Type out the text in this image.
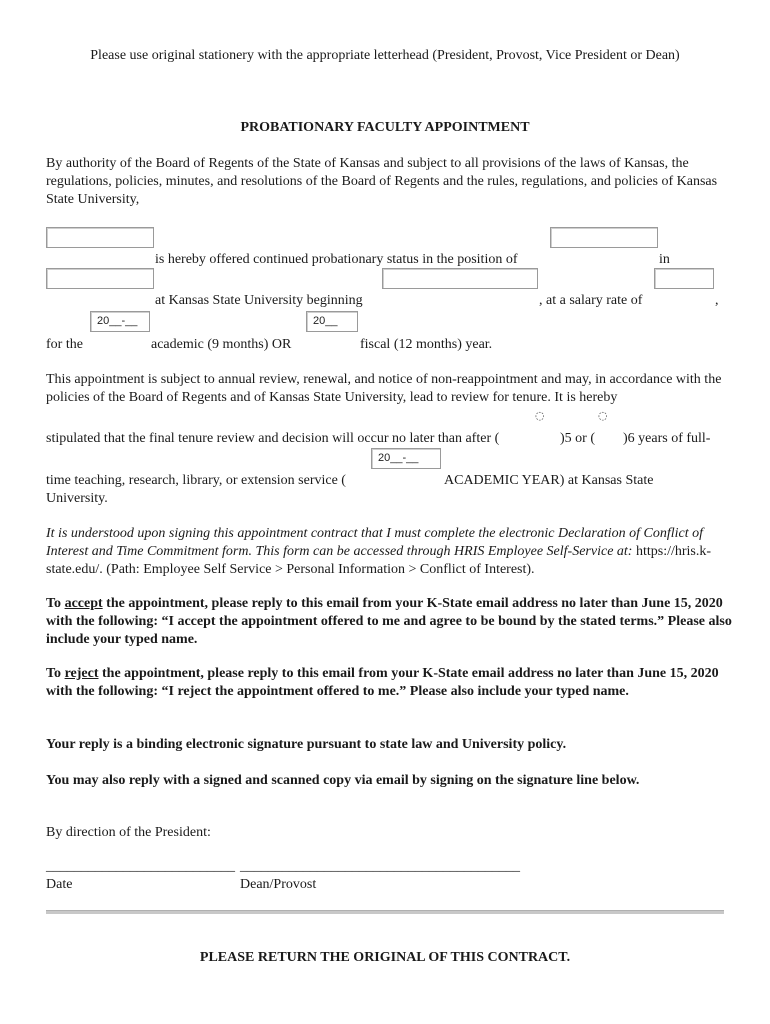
Please use original stationery with the appropriate letterhead (President, Provost, Vice President or Dean)
PROBATIONARY FACULTY APPOINTMENT
By authority of the Board of Regents of the State of Kansas and subject to all provisions of the laws of Kansas, the regulations, policies, minutes, and resolutions of the Board of Regents and the rules, regulations, and policies of Kansas State University,
is hereby offered continued probationary status in the position of	in
at Kansas State University beginning	, at a salary rate of	,
20__-__	20__
for the	academic (9 months) OR	fiscal (12 months) year.
This appointment is subject to annual review, renewal, and notice of non-reappointment and may, in accordance with the policies of the Board of Regents and of Kansas State University, lead to review for tenure. It is hereby
◌	◌
stipulated that the final tenure review and decision will occur no later than after (	)5 or ( )6 years of full-
20__-__
time teaching, research, library, or extension service (	ACADEMIC YEAR) at Kansas State
University.
It is understood upon signing this appointment contract that I must complete the electronic Declaration of Conflict of Interest and Time Commitment form. This form can be accessed through HRIS Employee Self-Service at: https://hris.k-state.edu/. (Path: Employee Self Service > Personal Information > Conflict of Interest).
To accept the appointment, please reply to this email from your K-State email address no later than June 15, 2020 with the following: “I accept the appointment offered to me and agree to be bound by the stated terms.” Please also include your typed name.
To reject the appointment, please reply to this email from your K-State email address no later than June 15, 2020 with the following: “I reject the appointment offered to me.” Please also include your typed name.
Your reply is a binding electronic signature pursuant to state law and University policy.
You may also reply with a signed and scanned copy via email by signing on the signature line below.
By direction of the President:
___________________________ ________________________________________
Date	Dean/Provost
PLEASE RETURN THE ORIGINAL OF THIS CONTRACT.
